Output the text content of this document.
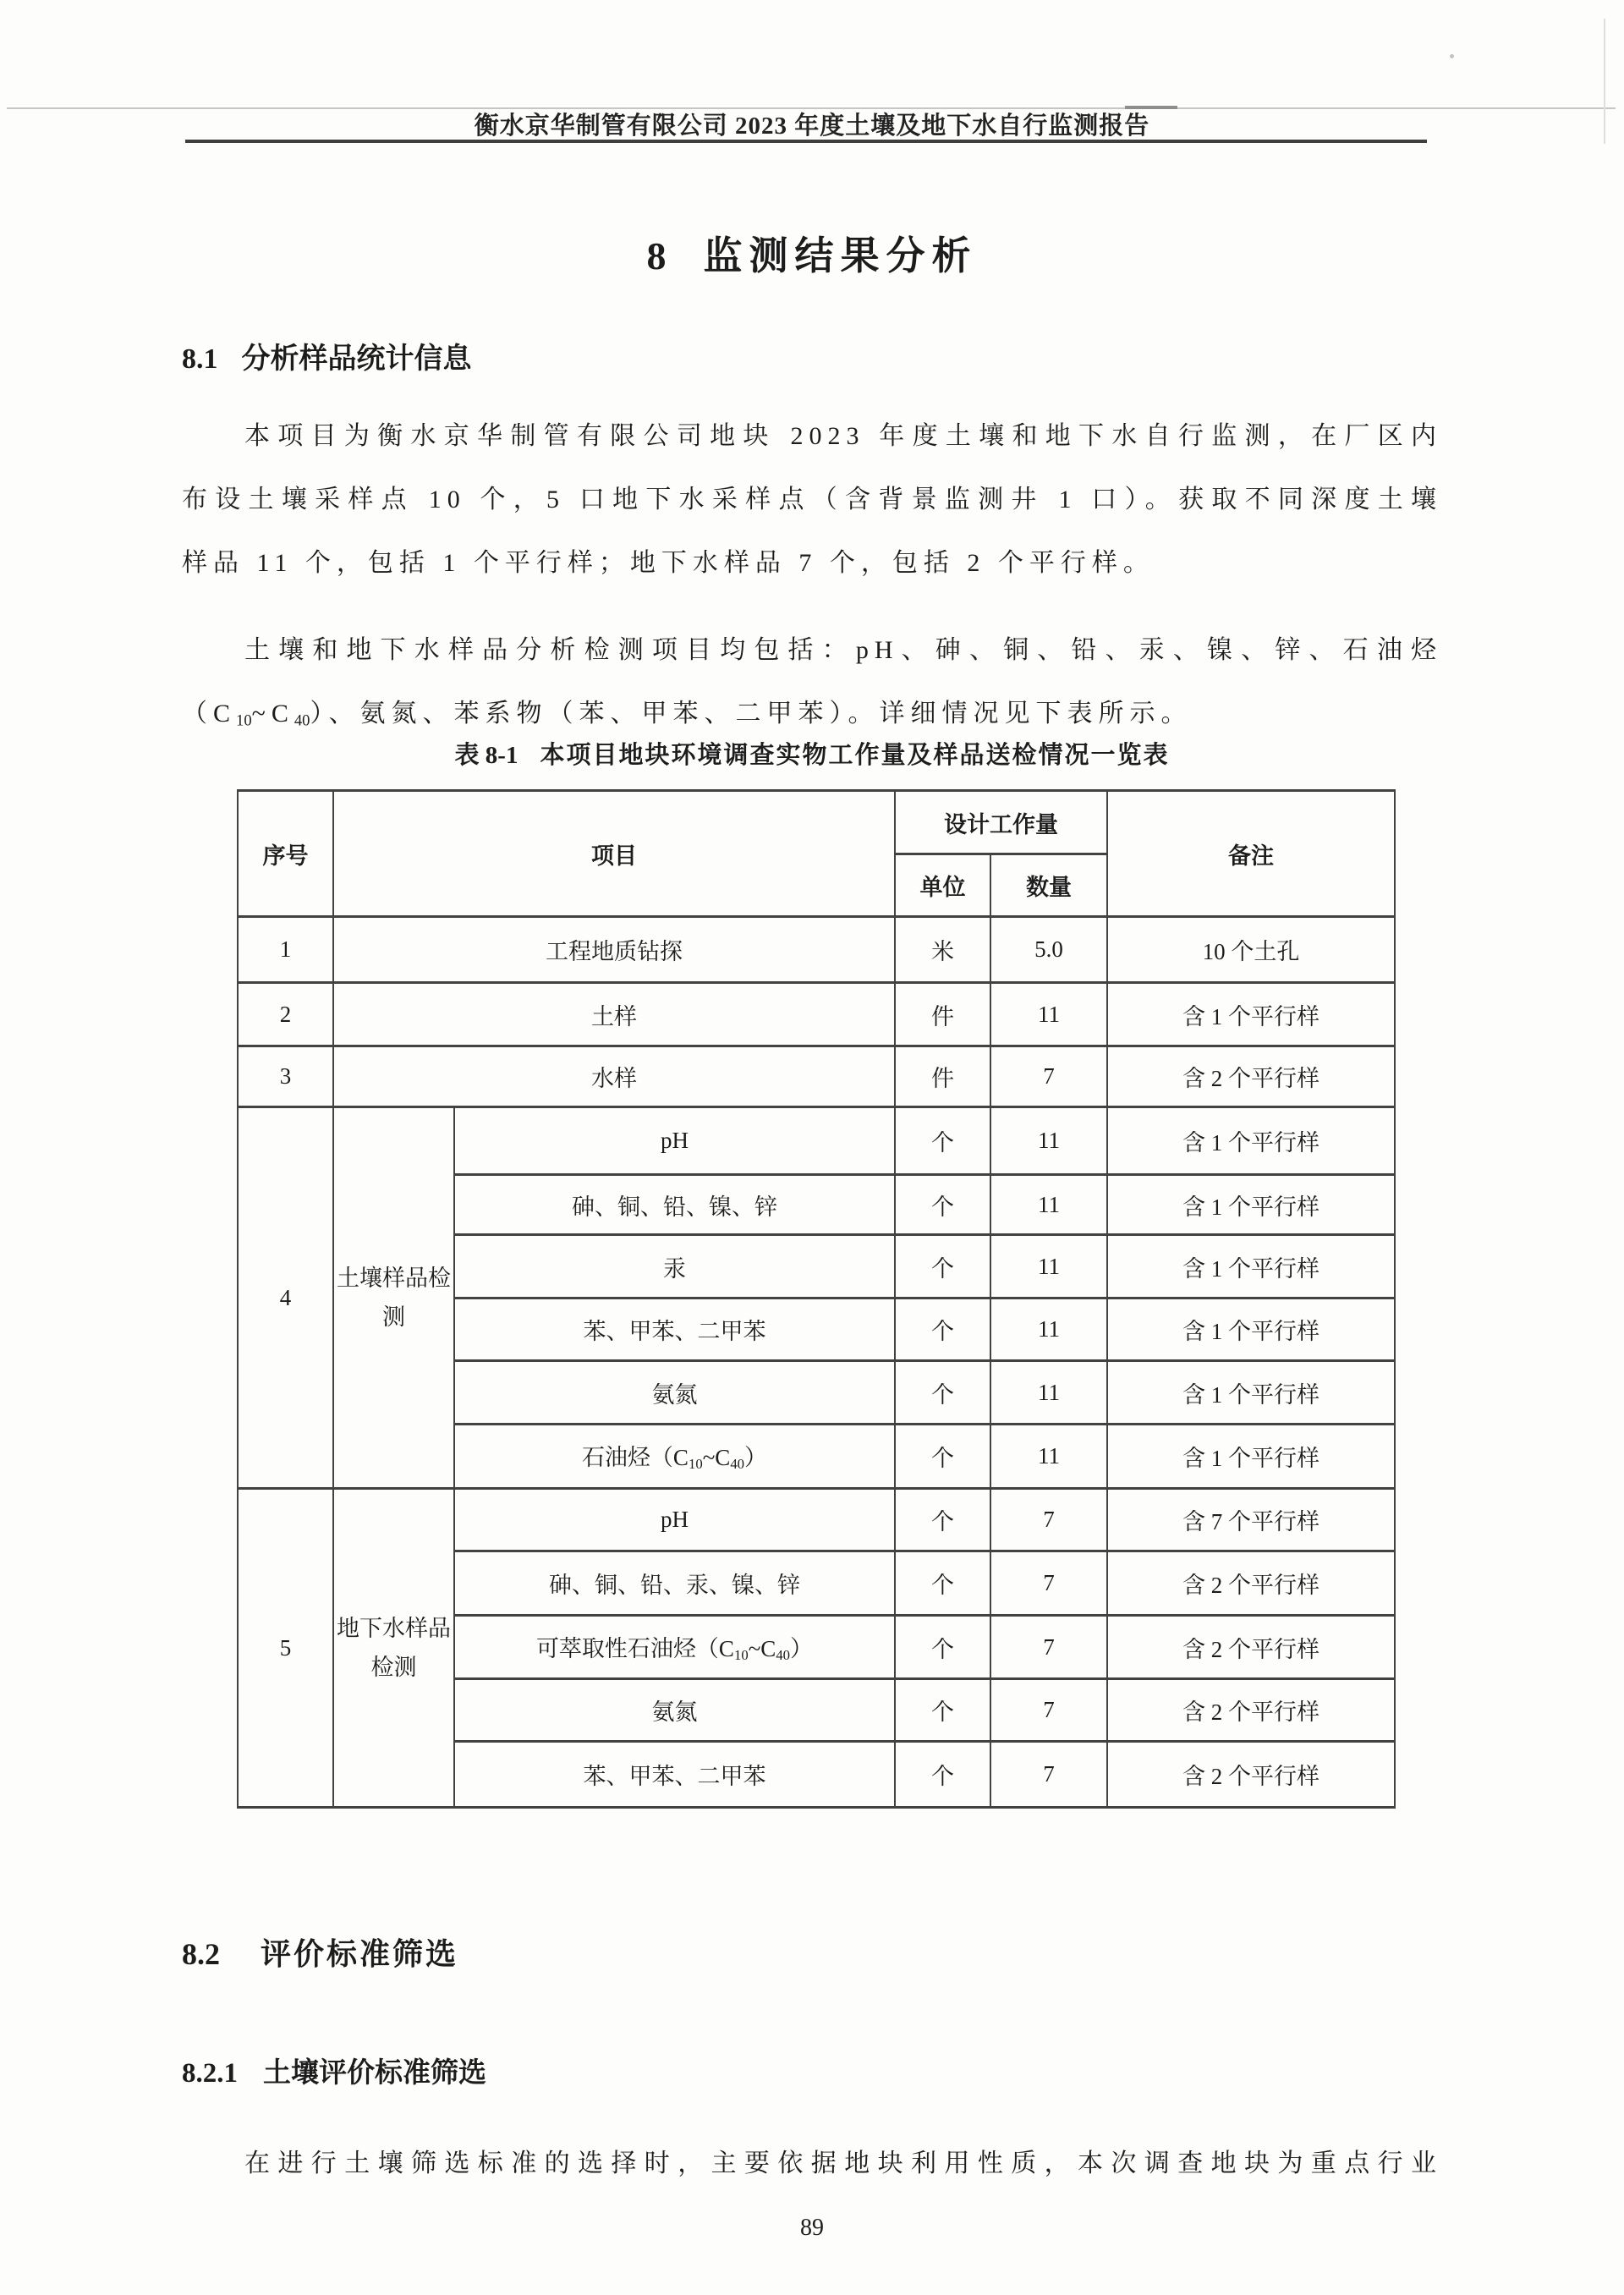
衡水京华制管有限公司 2023 年度土壤及地下水自行监测报告
8 监测结果分析
8.1 分析样品统计信息
本项目为衡水京华制管有限公司地块 2023 年度土壤和地下水自行监测，在厂区内
布设土壤采样点 10 个，5 口地下水采样点（含背景监测井 1 口）。获取不同深度土壤
样品 11 个，包括 1 个平行样；地下水样品 7 个，包括 2 个平行样。
土壤和地下水样品分析检测项目均包括：pH、砷、铜、铅、汞、镍、锌、石油烃
$(C_{10}\sim C_{40})$、氨氮、苯系物（苯、甲苯、二甲苯）。详细情况见下表所示。
表 8-1 本项目地块环境调查实物工作量及样品送检情况一览表
序号	项目		设计工作量		备注
			单位	数量	
1	工程地质钻探		米	5.0	10 个土孔
2	土样		件	11	含 1 个平行样
3	水样		件	7	含 2 个平行样
4	土壤样品检测	pH	个	11	含 1 个平行样
		砷、铜、铅、镍、锌	个	11	含 1 个平行样
		汞	个	11	含 1 个平行样
		苯、甲苯、二甲苯	个	11	含 1 个平行样
		氨氮	个	11	含 1 个平行样
		石油烃$(C_{10}\sim C_{40})$	个	11	含 1 个平行样
5	地下水样品检测	pH	个	7	含 7 个平行样
		砷、铜、铅、汞、镍、锌	个	7	含 2 个平行样
		可萃取性石油烃$(C_{10}\sim C_{40})$	个	7	含 2 个平行样
		氨氮	个	7	含 2 个平行样
		苯、甲苯、二甲苯	个	7	含 2 个平行样
8.2 评价标准筛选
8.2.1 土壤评价标准筛选
在进行土壤筛选标准的选择时，主要依据地块利用性质，本次调查地块为重点行业
89
